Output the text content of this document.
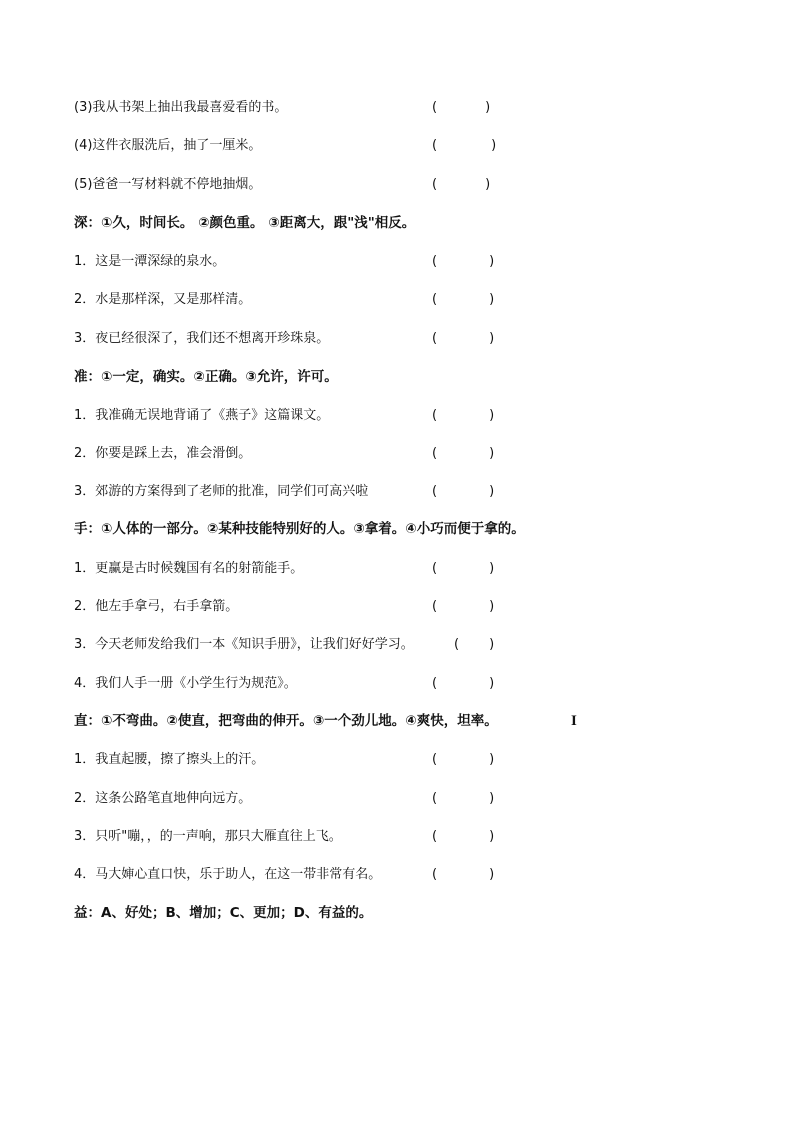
(3)我从书架上抽出我最喜爱看的书。
(4)这件衣服洗后，抽了一厘米。
(5)爸爸一写材料就不停地抽烟。
深：①久，时间长。 ②颜色重。 ③距离大，跟"浅"相反。
1．这是一潭深绿的泉水。
2．水是那样深，又是那样清。
3．夜已经很深了，我们还不想离开珍珠泉。
准：①一定，确实。②正确。③允许，许可。
1．我准确无误地背诵了《燕子》这篇课文。
2．你要是踩上去，准会滑倒。
3．郊游的方案得到了老师的批准，同学们可高兴啦
手：①人体的一部分。②某种技能特别好的人。③拿着。④小巧而便于拿的。
1．更赢是古时候魏国有名的射箭能手。
2．他左手拿弓，右手拿箭。
3．今天老师发给我们一本《知识手册》，让我们好好学习。
4．我们人手一册《小学生行为规范》。
直：①不弯曲。②使直，把弯曲的伸开。③一个劲儿地。④爽快，坦率。
1．我直起腰，擦了擦头上的汗。
2．这条公路笔直地伸向远方。
3．只听"嘣，，的一声响，那只大雁直往上飞。
4．马大婶心直口快，乐于助人，在这一带非常有名。
益：A、好处；B、增加；C、更加；D、有益的。
(	)
(	)
(	)
(	)
(	)
(	)
(	)
(	)
(	)
(	)
(	)
( )
(	)
(	)
(	)
(	)
(	)
I
